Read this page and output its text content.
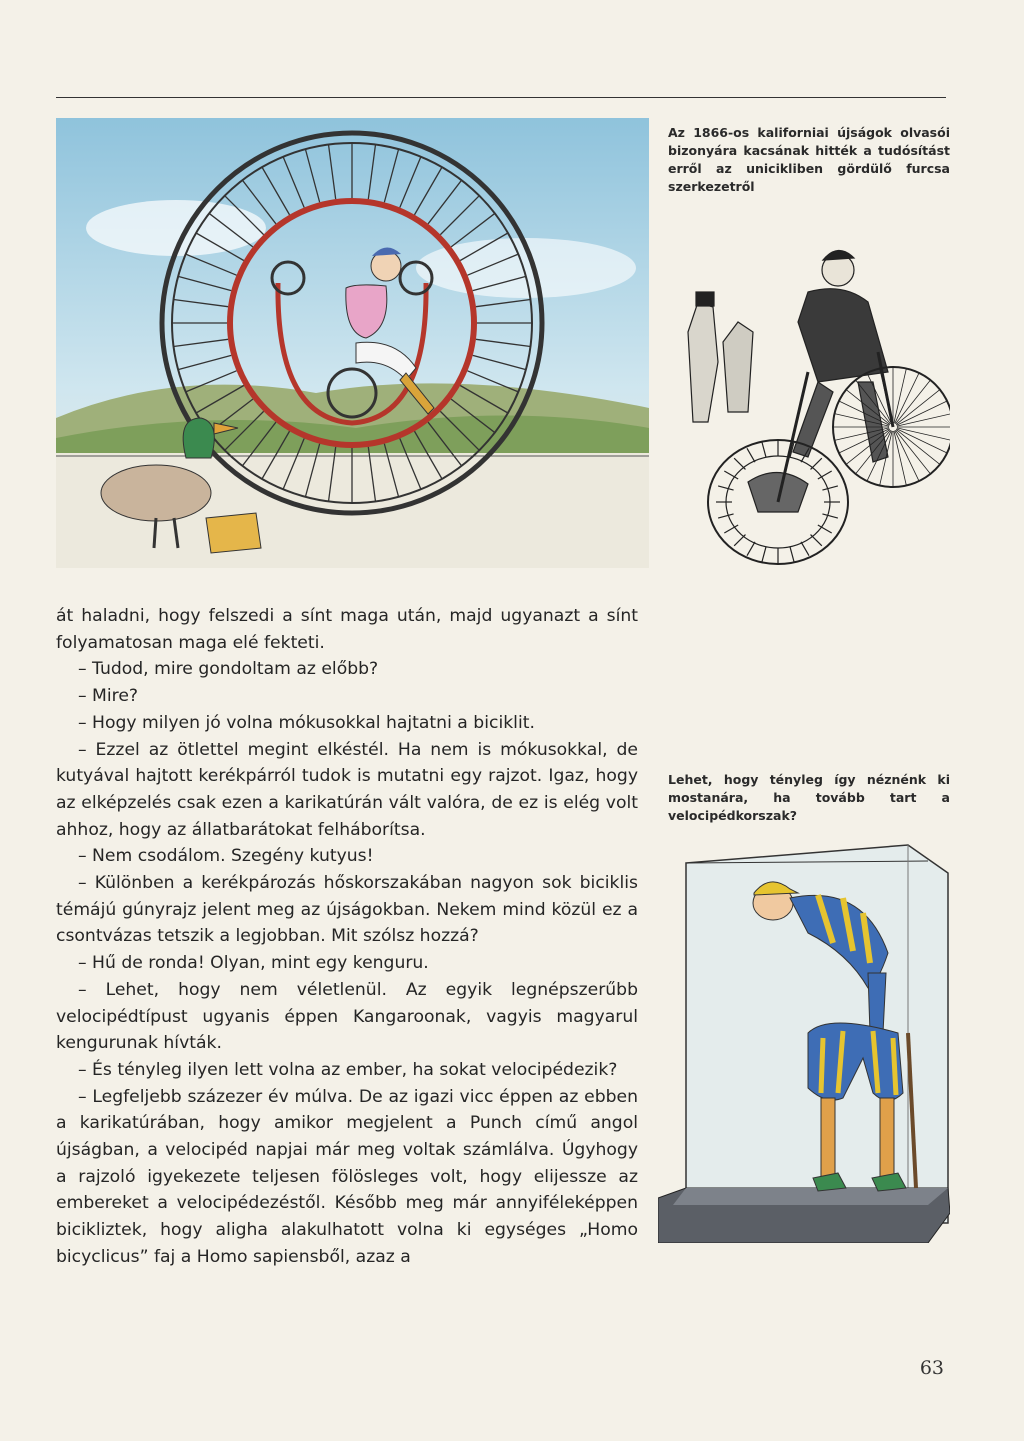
Az 1866-os kaliforniai újságok olvasói bizonyára kacsának hitték a tudósítást erről az unicikliben gördülő furcsa szerkezetről
Lehet, hogy tényleg így néznénk ki mostanára, ha tovább tart a velocipédkorszak?

át haladni, hogy felszedi a sínt maga után, majd ugyanazt a sínt folyamatosan maga elé fekteti.

– Tudod, mire gondoltam az előbb?

– Mire?

– Hogy milyen jó volna mókusokkal hajtatni a biciklit.

– Ezzel az ötlettel megint elkéstél. Ha nem is mókusokkal, de kutyával hajtott kerékpárról tudok is mutatni egy rajzot. Igaz, hogy az elképzelés csak ezen a karikatúrán vált valóra, de ez is elég volt ahhoz, hogy az állatbarátokat felháborítsa.

– Nem csodálom. Szegény kutyus!

– Különben a kerékpározás hőskorszakában nagyon sok biciklis témájú gúnyrajz jelent meg az újságokban. Nekem mind közül ez a csontvázas tetszik a legjobban. Mit szólsz hozzá?

– Hű de ronda! Olyan, mint egy kenguru.

– Lehet, hogy nem véletlenül. Az egyik legnépszerűbb velocipédtípust ugyanis éppen Kangaroonak, vagyis magyarul kengurunak hívták.

– És tényleg ilyen lett volna az ember, ha sokat velocipédezik?

– Legfeljebb százezer év múlva. De az igazi vicc éppen az ebben a karikatúrában, hogy amikor megjelent a Punch című angol újságban, a velocipéd napjai már meg voltak számlálva. Úgyhogy a rajzoló igyekezete teljesen fölösleges volt, hogy elijessze az embereket a velocipédezéstől. Később meg már annyiféleképpen bicikliztek, hogy aligha alakulhatott volna ki egységes „Homo bicyclicus” faj a Homo sapiensből, azaz a

63
